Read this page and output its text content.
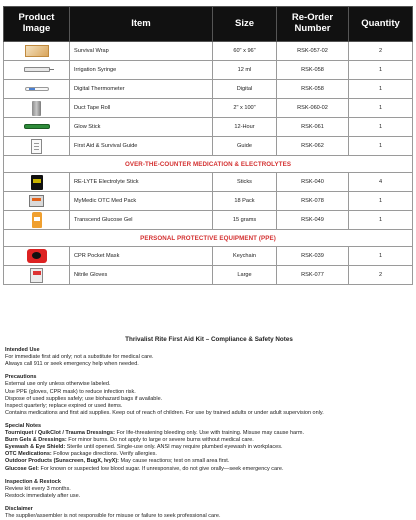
Product Image	Item	Size	Re-Order Number	Quantity
	Survival Wrap	60" x 96"	RSK-057-02	2
	Irrigation Syringe	12 ml	RSK-058	1
	Digital Thermometer	Digital	RSK-058	1
	Duct Tape Roll	2" x 100"	RSK-060-02	1
	Glow Stick	12-Hour	RSK-061	1
	First Aid & Survival Guide	Guide	RSK-062	1
OVER-THE-COUNTER MEDICATION & ELECTROLYTES				
	RE-LYTE Electrolyte Stick	Sticks	RSK-040	4
	MyMedic OTC Med Pack	18 Pack	RSK-078	1
	Transcend Glucose Gel	15 grams	RSK-049	1
PERSONAL PROTECTIVE EQUIPMENT (PPE)				
	CPR Pocket Mask	Keychain	RSK-039	1
	Nitrile Gloves	Large	RSK-077	2
Thrivalist Rite First Aid Kit – Compliance & Safety Notes
Intended Use
For immediate first aid only; not a substitute for medical care.
Always call 911 or seek emergency help when needed.
Precautions
External use only unless otherwise labeled.
Use PPE (gloves, CPR mask) to reduce infection risk.
Dispose of used supplies safely; use biohazard bags if available.
Inspect quarterly; replace expired or used items.
Contains medications and first aid supplies. Keep out of reach of children. For use by trained adults or under adult supervision only.
Special Notes
Tourniquet / QuikClot / Trauma Dressings: For life-threatening bleeding only. Use with training. Misuse may cause harm.
Burn Gels & Dressings: For minor burns. Do not apply to large or severe burns without medical care.
Eyewash & Eye Shield: Sterile until opened. Single-use only. ANSI may require plumbed eyewash in workplaces.
OTC Medications: Follow package directions. Verify allergies.
Outdoor Products (Sunscreen, BugX, IvyX): May cause reactions; test on small area first.
Glucose Gel: For known or suspected low blood sugar. If unresponsive, do not give orally—seek emergency care.
Inspection & Restock
Review kit every 3 months.
Restock immediately after use.
Disclaimer
The supplier/assembler is not responsible for misuse or failure to seek professional care.
